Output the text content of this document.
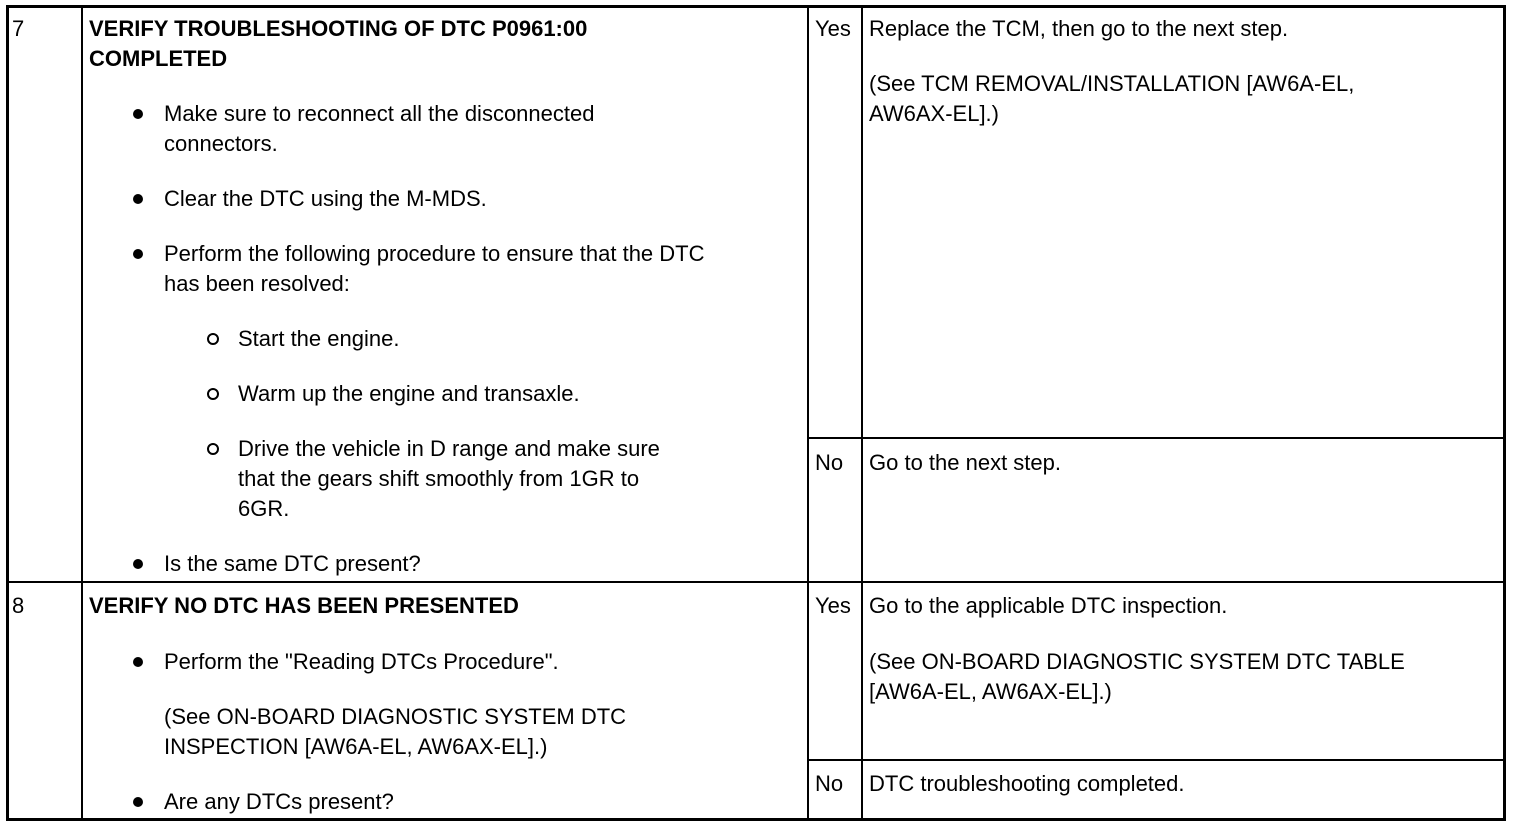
7	VERIFY TROUBLESHOOTING OF DTC P0961:00
COMPLETED
Make sure to reconnect all the disconnected
connectors.
Clear the DTC using the M-MDS.
Perform the following procedure to ensure that the DTC
has been resolved:
Start the engine.
Warm up the engine and transaxle.
Drive the vehicle in D range and make sure
that the gears shift smoothly from 1GR to
6GR.
Is the same DTC present?
Yes Replace the TCM, then go to the next step.
(See TCM REMOVAL/INSTALLATION [AW6A-EL,
AW6AX-EL].)
No Go to the next step.
8	VERIFY NO DTC HAS BEEN PRESENTED
Perform the "Reading DTCs Procedure".
(See ON-BOARD DIAGNOSTIC SYSTEM DTC
INSPECTION [AW6A-EL, AW6AX-EL].)
Are any DTCs present?
Yes Go to the applicable DTC inspection.
(See ON-BOARD DIAGNOSTIC SYSTEM DTC TABLE
[AW6A-EL, AW6AX-EL].)
No DTC troubleshooting completed.
